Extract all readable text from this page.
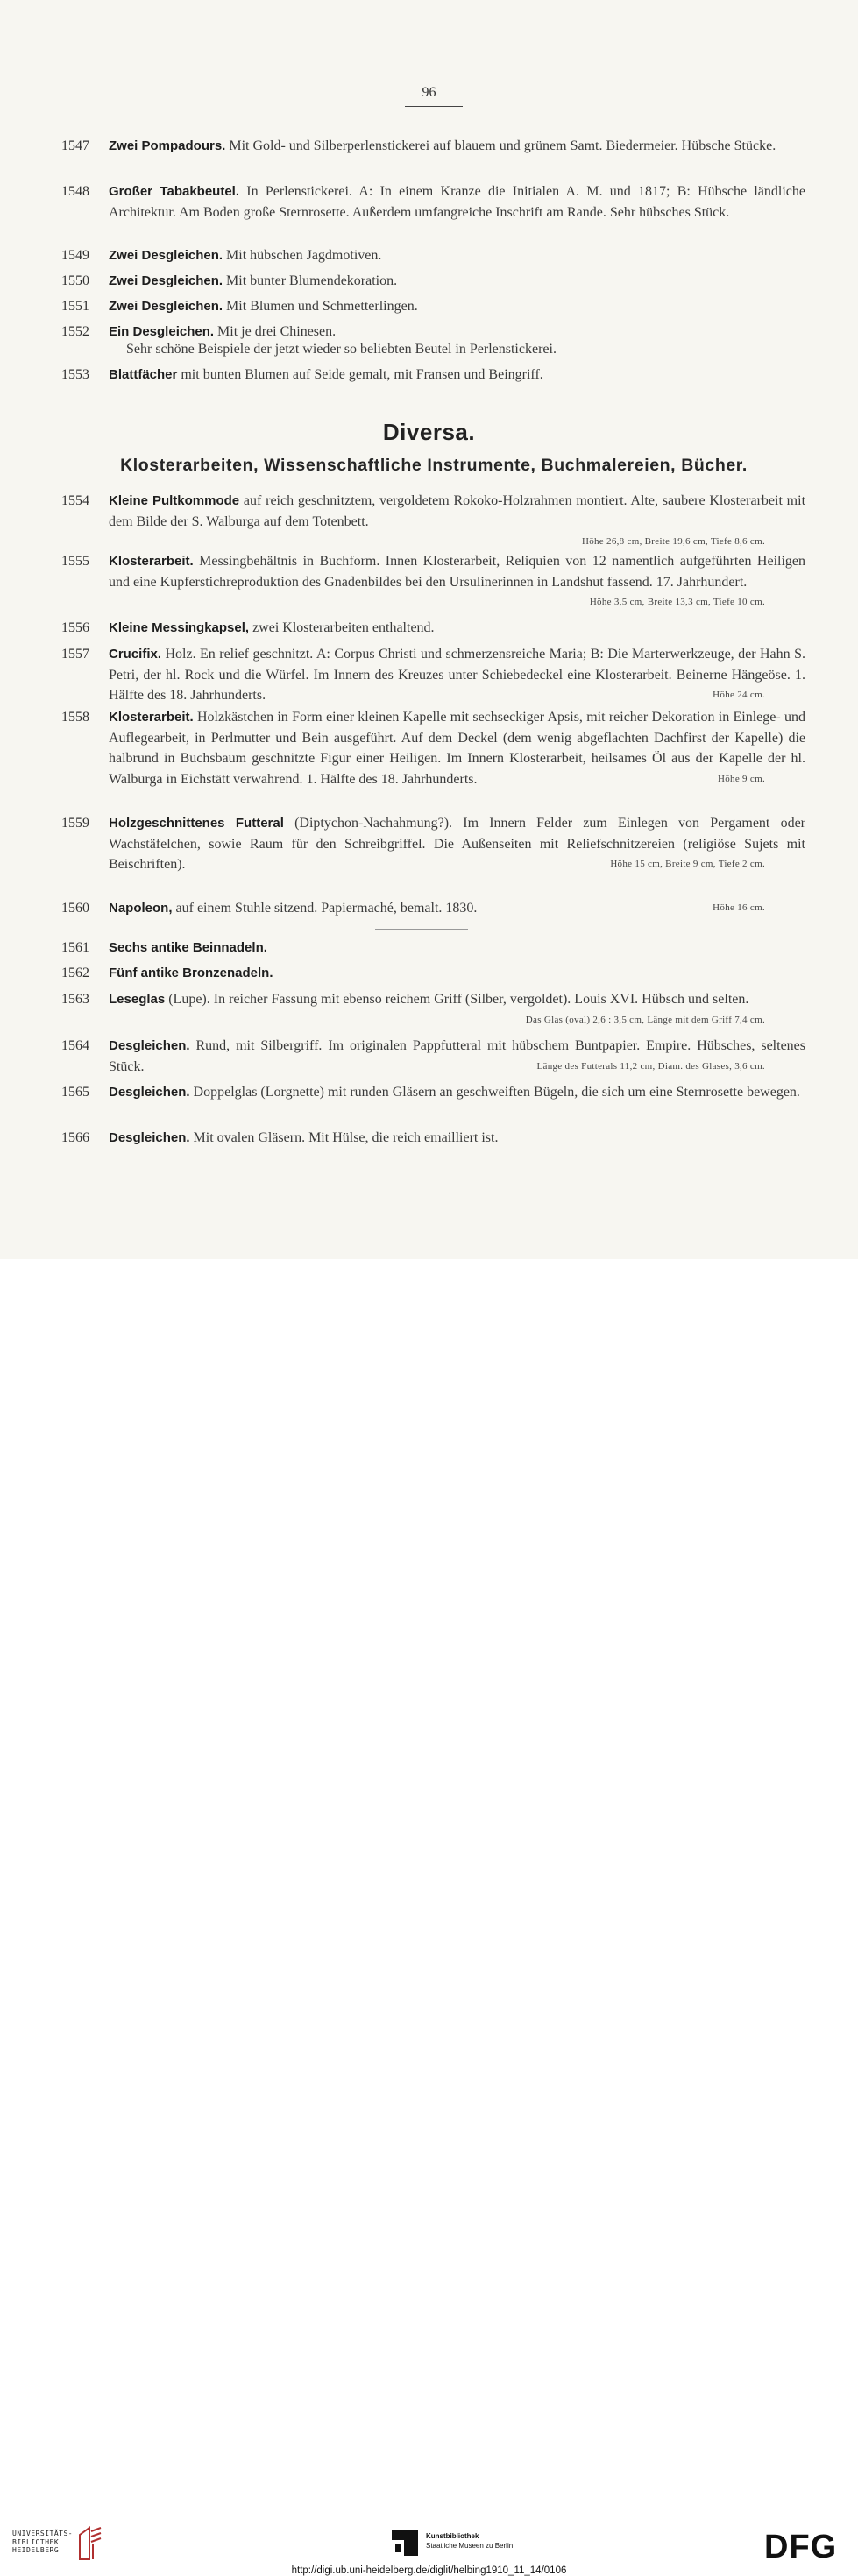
96
1547	Zwei Pompadours. Mit Gold- und Silberperlenstickerei auf blauem und grünem Samt. Biedermeier. Hübsche Stücke.
1548	Großer Tabakbeutel. In Perlenstickerei. A: In einem Kranze die Initialen A. M. und 1817; B: Hübsche ländliche Architektur. Am Boden große Sternrosette. Außerdem umfangreiche Inschrift am Rande. Sehr hübsches Stück.
1549	Zwei Desgleichen. Mit hübschen Jagdmotiven.
1550	Zwei Desgleichen. Mit bunter Blumendekoration.
1551	Zwei Desgleichen. Mit Blumen und Schmetterlingen.
1552	Ein Desgleichen. Mit je drei Chinesen.
Sehr schöne Beispiele der jetzt wieder so beliebten Beutel in Perlenstickerei.
1553	Blattfächer mit bunten Blumen auf Seide gemalt, mit Fransen und Beingriff.
Diversa.
Klosterarbeiten, Wissenschaftliche Instrumente, Buchmalereien, Bücher.
1554	Kleine Pultkommode auf reich geschnitztem, vergoldetem Rokoko-Holzrahmen montiert. Alte, saubere Klosterarbeit mit dem Bilde der S. Walburga auf dem Totenbett.

Höhe 26,8 cm, Breite 19,6 cm, Tiefe 8,6 cm.
1555	Klosterarbeit. Messingbehältnis in Buchform. Innen Klosterarbeit, Reliquien von 12 namentlich aufgeführten Heiligen und eine Kupferstichreproduktion des Gnadenbildes bei den Ursulinerinnen in Landshut fassend. 17. Jahrhundert.
Höhe 3,5 cm, Breite 13,3 cm, Tiefe 10 cm.
1556	Kleine Messingkapsel, zwei Klosterarbeiten enthaltend.
1557	Crucifix. Holz. En relief geschnitzt. A: Corpus Christi und schmerzensreiche Maria; B: Die Marterwerkzeuge, der Hahn S. Petri, der hl. Rock und die Würfel. Im Innern des Kreuzes unter Schiebedeckel eine Klosterarbeit. Beinerne Hängeöse. 1. Hälfte des 18. Jahrhunderts.	Höhe 24 cm.
1558	Klosterarbeit. Holzkästchen in Form einer kleinen Kapelle mit sechseckiger Apsis, mit reicher Dekoration in Einlege- und Auflegearbeit, in Perlmutter und Bein ausgeführt. Auf dem Deckel (dem wenig abgeflachten Dachfirst der Kapelle) die halbrund in Buchsbaum geschnitzte Figur einer Heiligen. Im Innern Klosterarbeit, heilsames Öl aus der Kapelle der hl. Walburga in Eichstätt verwahrend. 1. Hälfte des 18. Jahrhunderts.	Höhe 9 cm.
1559	Holzgeschnittenes Futteral (Diptychon-Nachahmung?). Im Innern Felder zum Einlegen von Pergament oder Wachstäfelchen, sowie Raum für den Schreibgriffel. Die Außenseiten mit Reliefschnitzereien (religiöse Sujets mit Beischriften).	Höhe 15 cm, Breite 9 cm, Tiefe 2 cm.
1560	Napoleon, auf einem Stuhle sitzend. Papiermaché, bemalt. 1830.	Höhe 16 cm.
1561	Sechs antike Beinnadeln.
1562	Fünf antike Bronzenadeln.
1563	Leseglas (Lupe). In reicher Fassung mit ebenso reichem Griff (Silber, vergoldet). Louis XVI. Hübsch und selten.
Das Glas (oval) 2,6 : 3,5 cm, Länge mit dem Griff 7,4 cm.
1564	Desgleichen. Rund, mit Silbergriff. Im originalen Pappfutteral mit hübschem Buntpapier. Empire. Hübsches, seltenes Stück.	Länge des Futterals 11,2 cm, Diam. des Glases, 3,6 cm.
1565	Desgleichen. Doppelglas (Lorgnette) mit runden Gläsern an geschweiften Bügeln, die sich um eine Sternrosette bewegen.
1566	Desgleichen. Mit ovalen Gläsern. Mit Hülse, die reich emailliert ist.
UNIVERSITÄTS-
BIBLIOTHEK
HEIDELBERG
Kunstbibliothek
Staatliche Museen zu Berlin	DFG
http://digi.ub.uni-heidelberg.de/diglit/helbing1910_11_14/0106
